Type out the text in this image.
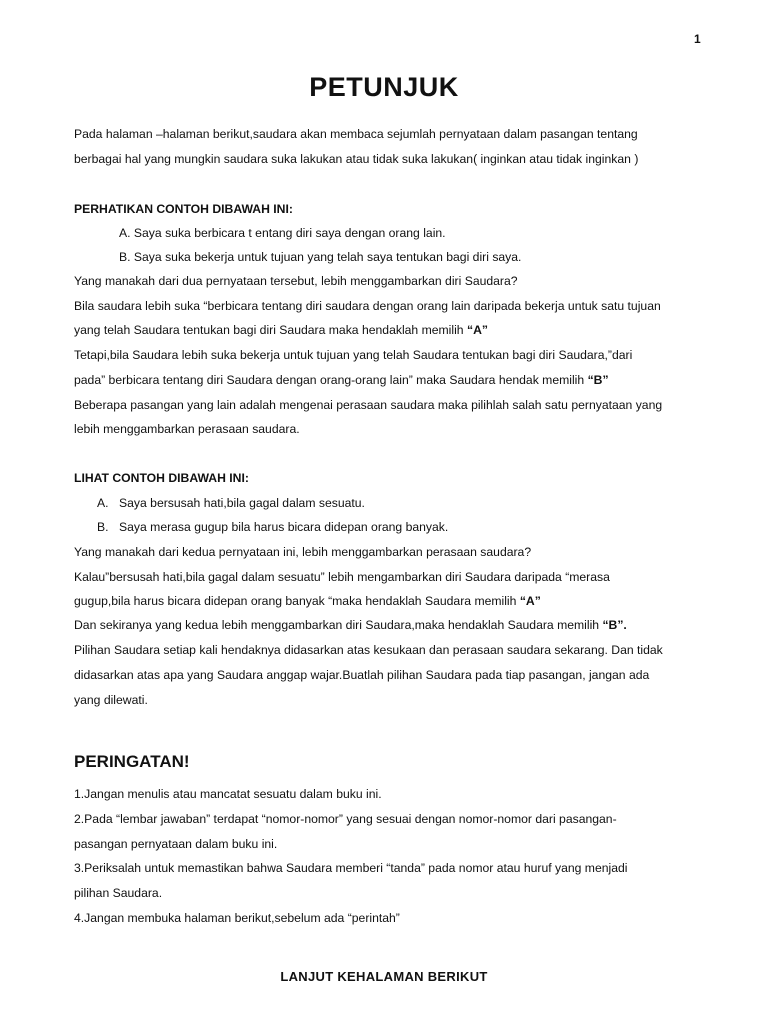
1
PETUNJUK
Pada halaman –halaman berikut,saudara akan membaca sejumlah pernyataan dalam pasangan tentang
berbagai hal yang mungkin saudara suka lakukan atau tidak suka lakukan( inginkan atau tidak inginkan )
PERHATIKAN CONTOH DIBAWAH INI:
A. Saya suka berbicara t entang diri saya dengan orang lain.
B. Saya suka bekerja untuk tujuan yang telah saya tentukan bagi diri saya.
Yang manakah dari dua pernyataan tersebut, lebih menggambarkan diri Saudara?
Bila saudara lebih suka “berbicara tentang diri saudara dengan orang lain daripada bekerja untuk satu tujuan
yang telah Saudara tentukan bagi diri Saudara maka hendaklah memilih “A”
Tetapi,bila Saudara lebih suka bekerja untuk tujuan yang telah Saudara tentukan bagi diri Saudara,”dari
pada” berbicara tentang diri Saudara dengan orang-orang lain” maka Saudara hendak memilih “B”
Beberapa pasangan yang lain adalah mengenai perasaan saudara maka pilihlah salah satu pernyataan yang
lebih menggambarkan perasaan saudara.
LIHAT CONTOH DIBAWAH INI:
A. Saya bersusah hati,bila gagal dalam sesuatu.
B. Saya merasa gugup bila harus bicara didepan orang banyak.
Yang manakah dari kedua pernyataan ini, lebih menggambarkan perasaan saudara?
Kalau”bersusah hati,bila gagal dalam sesuatu” lebih mengambarkan diri Saudara daripada “merasa
gugup,bila harus bicara didepan orang banyak “maka hendaklah Saudara memilih “A”
Dan sekiranya yang kedua lebih menggambarkan diri Saudara,maka hendaklah Saudara memilih “B”.
Pilihan Saudara setiap kali hendaknya didasarkan atas kesukaan dan perasaan saudara sekarang. Dan tidak
didasarkan atas apa yang Saudara anggap wajar.Buatlah pilihan Saudara pada tiap pasangan, jangan ada
yang dilewati.
PERINGATAN!
1.Jangan menulis atau mancatat sesuatu dalam buku ini.
2.Pada “lembar jawaban” terdapat “nomor-nomor” yang sesuai dengan nomor-nomor dari pasangan-
pasangan pernyataan dalam buku ini.
3.Periksalah untuk memastikan bahwa Saudara memberi “tanda” pada nomor atau huruf yang menjadi
pilihan Saudara.
4.Jangan membuka halaman berikut,sebelum ada “perintah”
LANJUT KEHALAMAN BERIKUT
